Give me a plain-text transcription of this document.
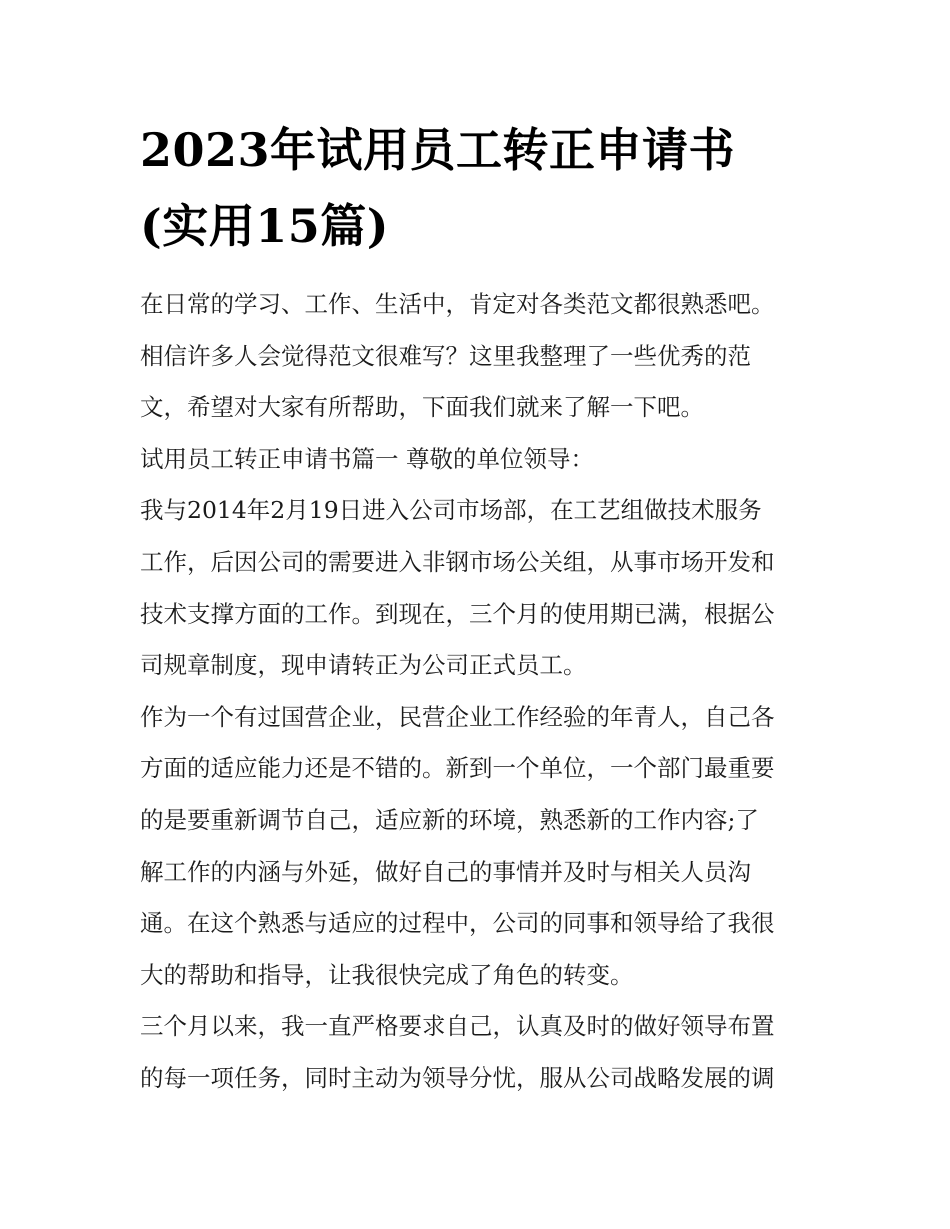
2023年试用员工转正申请书
(实用15篇)
在日常的学习、工作、生活中，肯定对各类范文都很熟悉吧。
相信许多人会觉得范文很难写？这里我整理了一些优秀的范
文，希望对大家有所帮助，下面我们就来了解一下吧。
试用员工转正申请书篇一 尊敬的单位领导：
我与2014年2月19日进入公司市场部，在工艺组做技术服务
工作，后因公司的需要进入非钢市场公关组，从事市场开发和
技术支撑方面的工作。到现在，三个月的使用期已满，根据公
司规章制度，现申请转正为公司正式员工。
作为一个有过国营企业，民营企业工作经验的年青人，自己各
方面的适应能力还是不错的。新到一个单位，一个部门最重要
的是要重新调节自己，适应新的环境，熟悉新的工作内容;了
解工作的内涵与外延，做好自己的事情并及时与相关人员沟
通。在这个熟悉与适应的过程中，公司的同事和领导给了我很
大的帮助和指导，让我很快完成了角色的转变。
三个月以来，我一直严格要求自己，认真及时的做好领导布置
的每一项任务，同时主动为领导分忧，服从公司战略发展的调
